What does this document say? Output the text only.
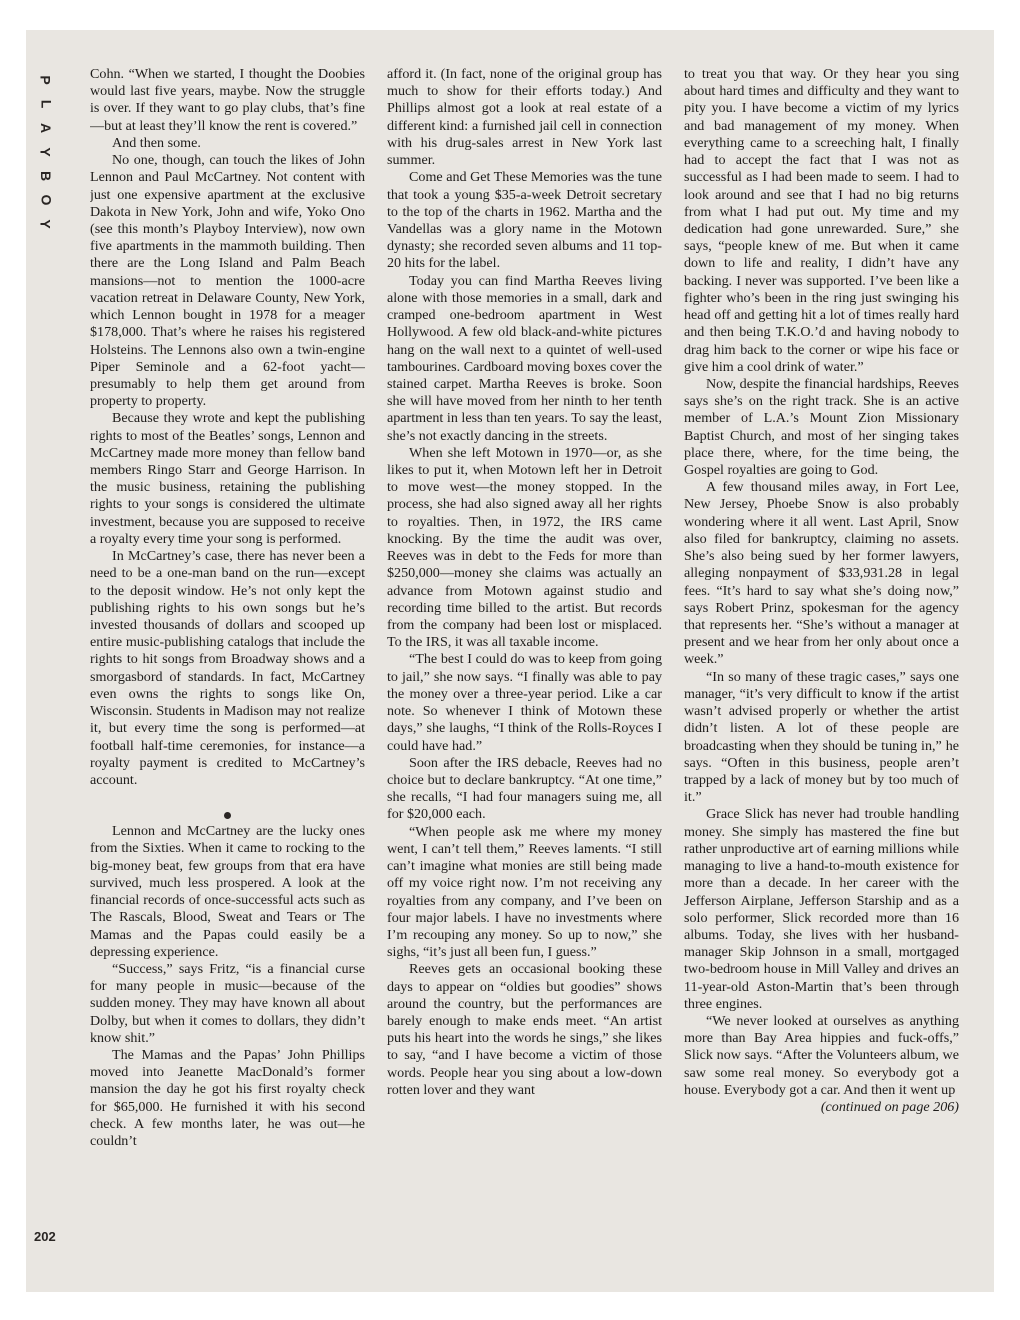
P
L
A
Y
B
O
Y

Cohn. “When we started, I thought the Doobies would last five years, maybe. Now the struggle is over. If they want to go play clubs, that’s fine—but at least they’ll know the rent is covered.”

And then some.

No one, though, can touch the likes of John Lennon and Paul McCartney. Not content with just one expensive apartment at the exclusive Dakota in New York, John and wife, Yoko Ono (see this month’s Playboy Interview), now own five apartments in the mammoth building. Then there are the Long Island and Palm Beach mansions—not to mention the 1000-acre vacation retreat in Delaware County, New York, which Lennon bought in 1978 for a meager $178,000. That’s where he raises his registered Holsteins. The Lennons also own a twin-engine Piper Seminole and a 62-foot yacht—presumably to help them get around from property to property.

Because they wrote and kept the publishing rights to most of the Beatles’ songs, Lennon and McCartney made more money than fellow band members Ringo Starr and George Harrison. In the music business, retaining the publishing rights to your songs is considered the ultimate investment, because you are supposed to receive a royalty every time your song is performed.

In McCartney’s case, there has never been a need to be a one-man band on the run—except to the deposit window. He’s not only kept the publishing rights to his own songs but he’s invested thousands of dollars and scooped up entire music-publishing catalogs that include the rights to hit songs from Broadway shows and a smorgasbord of standards. In fact, McCartney even owns the rights to songs like On, Wisconsin. Students in Madison may not realize it, but every time the song is performed—at football half-time ceremonies, for instance—a royalty payment is credited to McCartney’s account.

Lennon and McCartney are the lucky ones from the Sixties. When it came to rocking to the big-money beat, few groups from that era have survived, much less prospered. A look at the financial records of once-successful acts such as The Rascals, Blood, Sweat and Tears or The Mamas and the Papas could easily be a depressing experience.

“Success,” says Fritz, “is a financial curse for many people in music—because of the sudden money. They may have known all about Dolby, but when it comes to dollars, they didn’t know shit.”

The Mamas and the Papas’ John Phillips moved into Jeanette MacDonald’s former mansion the day he got his first royalty check for $65,000. He furnished it with his second check. A few months later, he was out—he couldn’t

afford it. (In fact, none of the original group has much to show for their efforts today.) And Phillips almost got a look at real estate of a different kind: a furnished jail cell in connection with his drug-sales arrest in New York last summer.

Come and Get These Memories was the tune that took a young $35-a-week Detroit secretary to the top of the charts in 1962. Martha and the Vandellas was a glory name in the Motown dynasty; she recorded seven albums and 11 top-20 hits for the label.

Today you can find Martha Reeves living alone with those memories in a small, dark and cramped one-bedroom apartment in West Hollywood. A few old black-and-white pictures hang on the wall next to a quintet of well-used tambourines. Cardboard moving boxes cover the stained carpet. Martha Reeves is broke. Soon she will have moved from her ninth to her tenth apartment in less than ten years. To say the least, she’s not exactly dancing in the streets.

When she left Motown in 1970—or, as she likes to put it, when Motown left her in Detroit to move west—the money stopped. In the process, she had also signed away all her rights to royalties. Then, in 1972, the IRS came knocking. By the time the audit was over, Reeves was in debt to the Feds for more than $250,000—money she claims was actually an advance from Motown against studio and recording time billed to the artist. But records from the company had been lost or misplaced. To the IRS, it was all taxable income.

“The best I could do was to keep from going to jail,” she now says. “I finally was able to pay the money over a three-year period. Like a car note. So whenever I think of Motown these days,” she laughs, “I think of the Rolls-Royces I could have had.”

Soon after the IRS debacle, Reeves had no choice but to declare bankruptcy. “At one time,” she recalls, “I had four managers suing me, all for $20,000 each.

“When people ask me where my money went, I can’t tell them,” Reeves laments. “I still can’t imagine what monies are still being made off my voice right now. I’m not receiving any royalties from any company, and I’ve been on four major labels. I have no investments where I’m recouping any money. So up to now,” she sighs, “it’s just all been fun, I guess.”

Reeves gets an occasional booking these days to appear on “oldies but goodies” shows around the country, but the performances are barely enough to make ends meet. “An artist puts his heart into the words he sings,” she likes to say, “and I have become a victim of those words. People hear you sing about a low-down rotten lover and they want

to treat you that way. Or they hear you sing about hard times and difficulty and they want to pity you. I have become a victim of my lyrics and bad management of my money. When everything came to a screeching halt, I finally had to accept the fact that I was not as successful as I had been made to seem. I had to look around and see that I had no big returns from what I had put out. My time and my dedication had gone unrewarded. Sure,” she says, “people knew of me. But when it came down to life and reality, I didn’t have any backing. I never was supported. I’ve been like a fighter who’s been in the ring just swinging his head off and getting hit a lot of times really hard and then being T.K.O.’d and having nobody to drag him back to the corner or wipe his face or give him a cool drink of water.”

Now, despite the financial hardships, Reeves says she’s on the right track. She is an active member of L.A.’s Mount Zion Missionary Baptist Church, and most of her singing takes place there, where, for the time being, the Gospel royalties are going to God.

A few thousand miles away, in Fort Lee, New Jersey, Phoebe Snow is also probably wondering where it all went. Last April, Snow also filed for bankruptcy, claiming no assets. She’s also being sued by her former lawyers, alleging nonpayment of $33,931.28 in legal fees. “It’s hard to say what she’s doing now,” says Robert Prinz, spokesman for the agency that represents her. “She’s without a manager at present and we hear from her only about once a week.”

“In so many of these tragic cases,” says one manager, “it’s very difficult to know if the artist wasn’t advised properly or whether the artist didn’t listen. A lot of these people are broadcasting when they should be tuning in,” he says. “Often in this business, people aren’t trapped by a lack of money but by too much of it.”

Grace Slick has never had trouble handling money. She simply has mastered the fine but rather unproductive art of earning millions while managing to live a hand-to-mouth existence for more than a decade. In her career with the Jefferson Airplane, Jefferson Starship and as a solo performer, Slick recorded more than 16 albums. Today, she lives with her husband-manager Skip Johnson in a small, mortgaged two-bedroom house in Mill Valley and drives an 11-year-old Aston-Martin that’s been through three engines.

“We never looked at ourselves as anything more than Bay Area hippies and fuck-offs,” Slick now says. “After the Volunteers album, we saw some real money. So everybody got a house. Everybody got a car. And then it went up

(continued on page 206)

202
